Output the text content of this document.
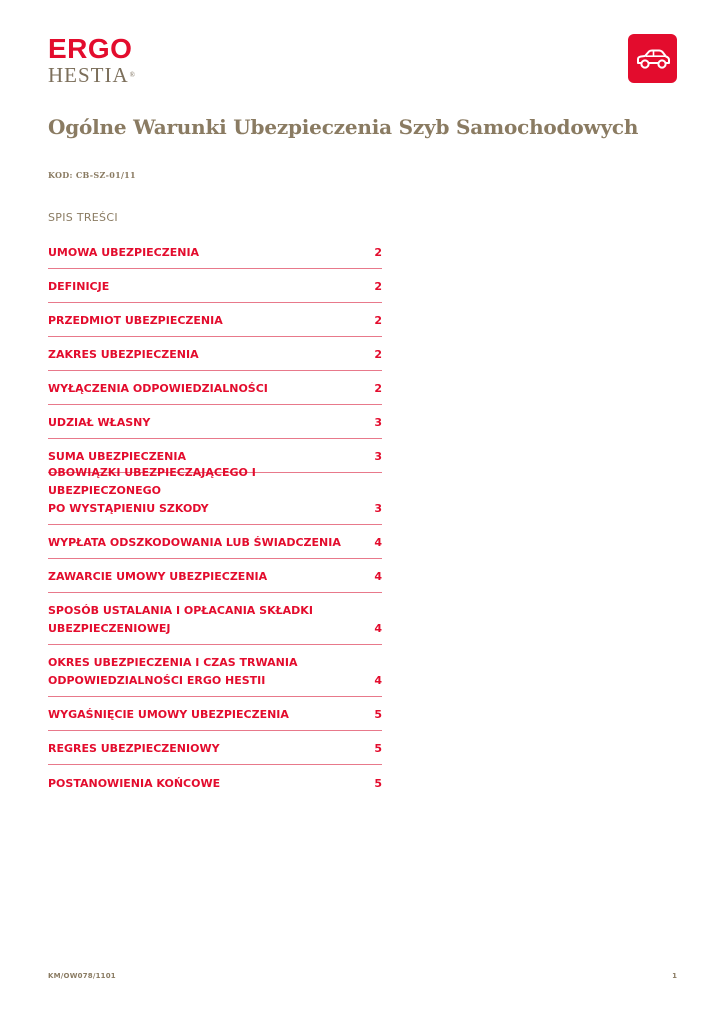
ERGO
HESTIA®
Ogólne Warunki Ubezpieczenia Szyb Samochodowych
KOD: CB-SZ-01/11
SPIS TREŚCI
UMOWA UBEZPIECZENIA	2
DEFINICJE	2
PRZEDMIOT UBEZPIECZENIA	2
ZAKRES UBEZPIECZENIA	2
WYŁĄCZENIA ODPOWIEDZIALNOŚCI	2
UDZIAŁ WŁASNY	3
SUMA UBEZPIECZENIA	3
OBOWIĄZKI UBEZPIECZAJĄCEGO I UBEZPIECZONEGO
PO WYSTĄPIENIU SZKODY	3
WYPŁATA ODSZKODOWANIA LUB ŚWIADCZENIA	4
ZAWARCIE UMOWY UBEZPIECZENIA	4
SPOSÓB USTALANIA I OPŁACANIA SKŁADKI
UBEZPIECZENIOWEJ	4
OKRES UBEZPIECZENIA I CZAS TRWANIA
ODPOWIEDZIALNOŚCI ERGO HESTII	4
WYGAŚNIĘCIE UMOWY UBEZPIECZENIA	5
REGRES UBEZPIECZENIOWY	5
POSTANOWIENIA KOŃCOWE	5
KM/OW078/1101	1
